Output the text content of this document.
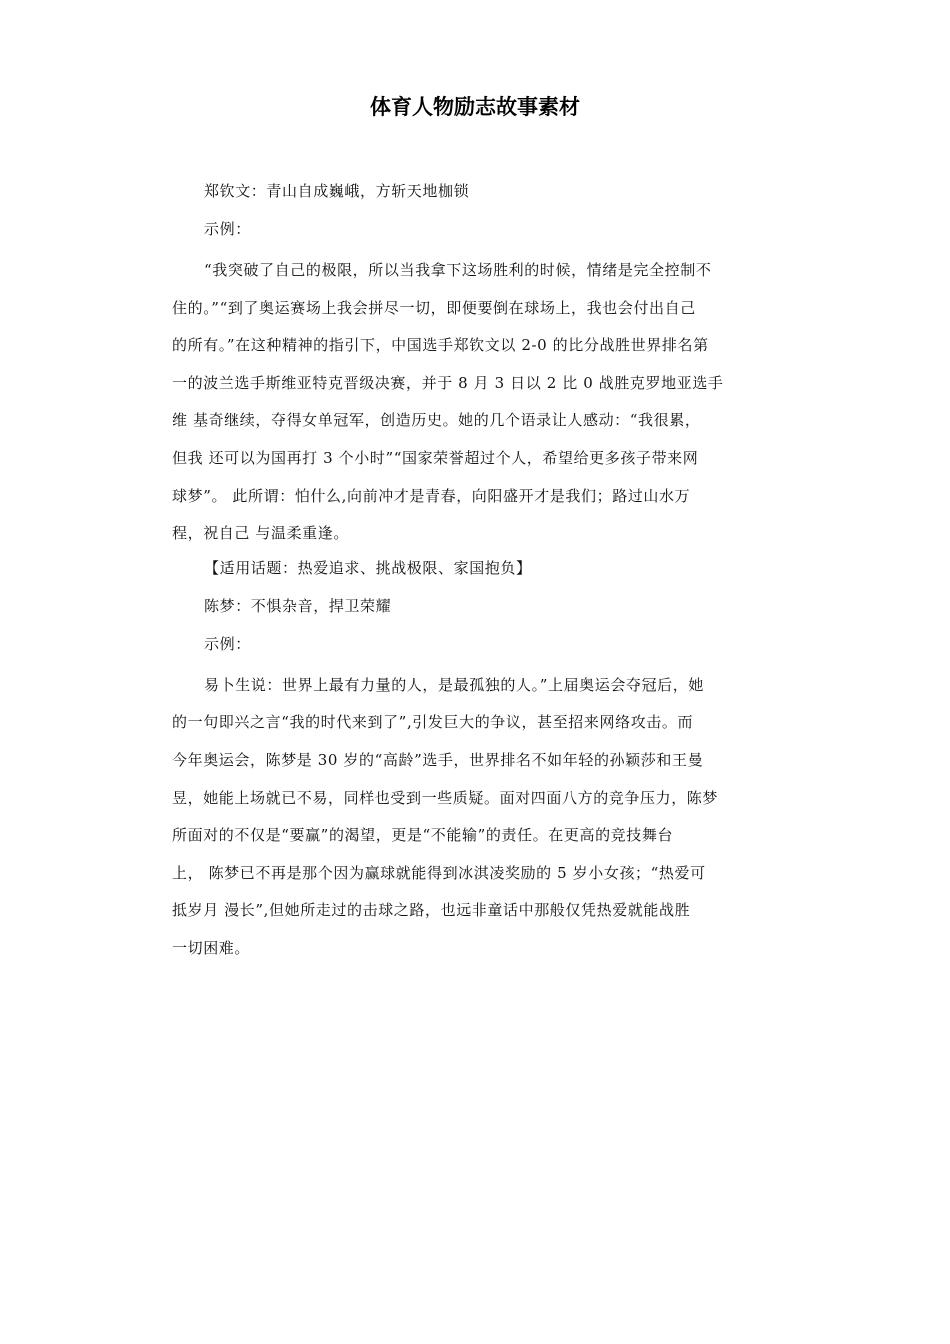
体育人物励志故事素材

郑钦文：青山自成巍峨，方斩天地枷锁

示例：

“我突破了自己的极限，所以当我拿下这场胜利的时候，情绪是完全控制不
住的。”“到了奥运赛场上我会拼尽一切，即便要倒在球场上，我也会付出自己
的所有。”在这种精神的指引下，中国选手郑钦文以 2-0 的比分战胜世界排名第
一的波兰选手斯维亚特克晋级决赛，并于 8 月 3 日以 2 比 0 战胜克罗地亚选手
维 基奇继续，夺得女单冠军，创造历史。她的几个语录让人感动：“我很累，
但我 还可以为国再打 3 个小时”“国家荣誉超过个人，希望给更多孩子带来网
球梦”。 此所谓：怕什么,向前冲才是青春，向阳盛开才是我们；路过山水万
程，祝自己 与温柔重逢。

【适用话题：热爱追求、挑战极限、家国抱负】

陈梦：不惧杂音，捍卫荣耀

示例：

易卜生说：世界上最有力量的人，是最孤独的人。”上届奥运会夺冠后，她
的一句即兴之言“我的时代来到了”,引发巨大的争议，甚至招来网络攻击。而
今年奥运会，陈梦是 30 岁的“高龄”选手，世界排名不如年轻的孙颖莎和王曼
昱，她能上场就已不易，同样也受到一些质疑。面对四面八方的竞争压力，陈梦
所面对的不仅是“要赢”的渴望，更是“不能输”的责任。在更高的竞技舞台
上， 陈梦已不再是那个因为赢球就能得到冰淇凌奖励的 5 岁小女孩；“热爱可
抵岁月 漫长”,但她所走过的击球之路，也远非童话中那般仅凭热爱就能战胜
一切困难。
